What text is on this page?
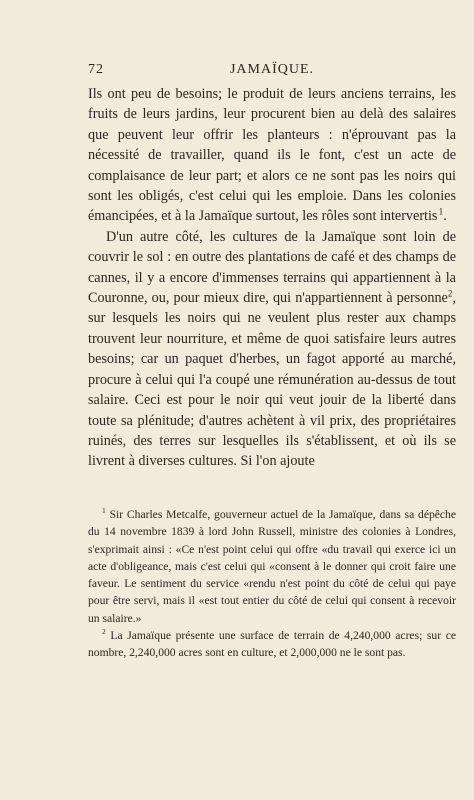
72	JAMAÏQUE.

Ils ont peu de besoins; le produit de leurs anciens terrains, les fruits de leurs jardins, leur procurent bien au delà des salaires que peuvent leur offrir les planteurs : n'éprouvant pas la nécessité de travailler, quand ils le font, c'est un acte de complaisance de leur part; et alors ce ne sont pas les noirs qui sont les obligés, c'est celui qui les emploie. Dans les colonies émancipées, et à la Jamaïque surtout, les rôles sont intervertis $^1$.

D'un autre côté, les cultures de la Jamaïque sont loin de couvrir le sol : en outre des plantations de café et des champs de cannes, il y a encore d'immenses terrains qui appartiennent à la Couronne, ou, pour mieux dire, qui n'appartiennent à personne$^2$, sur lesquels les noirs qui ne veulent plus rester aux champs trouvent leur nourriture, et même de quoi satisfaire leurs autres besoins; car un paquet d'herbes, un fagot apporté au marché, procure à celui qui l'a coupé une rémunération au-dessus de tout salaire. Ceci est pour le noir qui veut jouir de la liberté dans toute sa plénitude; d'autres achètent à vil prix, des propriétaires ruinés, des terres sur lesquelles ils s'établissent, et où ils se livrent à diverses cultures. Si l'on ajoute

$^1$ Sir Charles Metcalfe, gouverneur actuel de la Jamaïque, dans sa dépêche du 14 novembre 1839 à lord John Russell, ministre des colonies à Londres, s'exprimait ainsi : «Ce n'est point celui qui offre «du travail qui exerce ici un acte d'obligeance, mais c'est celui qui «consent à le donner qui croit faire une faveur. Le sentiment du service «rendu n'est point du côté de celui qui paye pour être servi, mais il «est tout entier du côté de celui qui consent à recevoir un salaire.»

$^2$ La Jamaïque présente une surface de terrain de 4,240,000 acres; sur ce nombre, 2,240,000 acres sont en culture, et 2,000,000 ne le sont pas.
